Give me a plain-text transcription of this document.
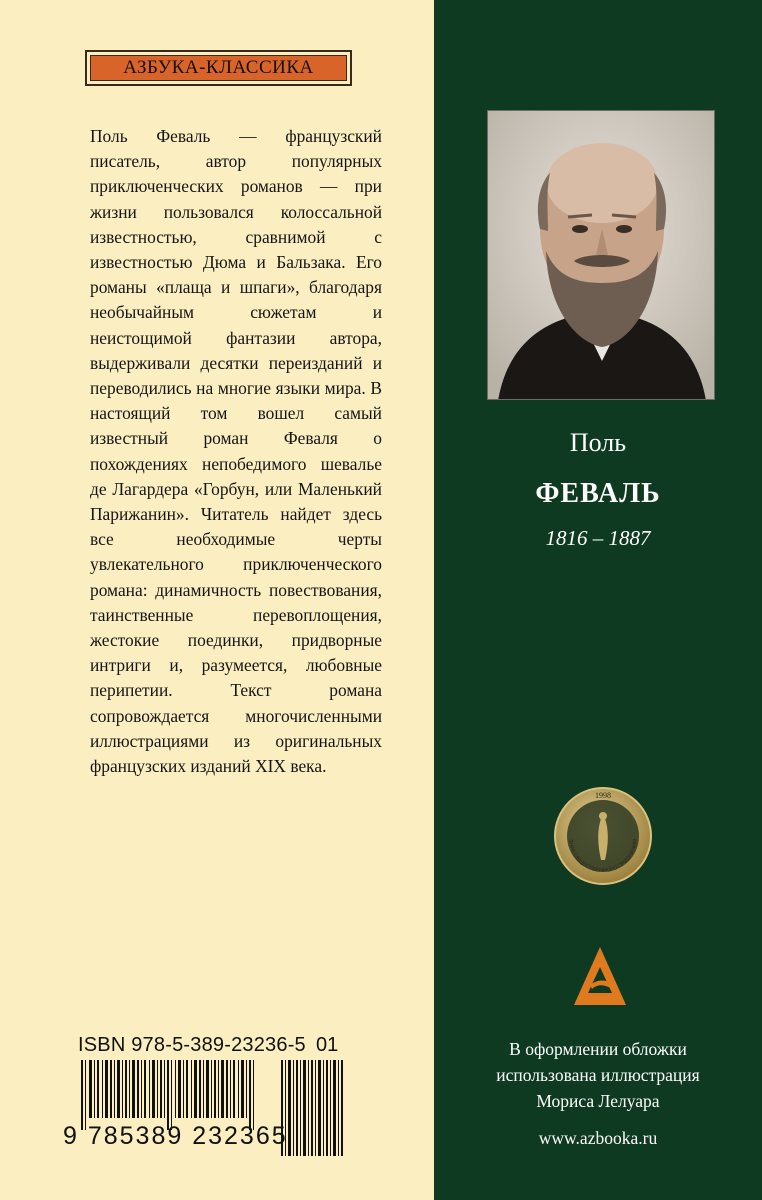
АЗБУКА-КЛАССИКА

Поль Феваль — французский писатель, автор популярных приключенческих романов — при жизни пользовался колоссальной известностью, сравнимой с известностью Дюма и Бальзака. Его романы «плаща и шпаги», благодаря необычайным сюжетам и неистощимой фантазии автора, выдерживали десятки переизданий и переводились на многие языки мира. В настоящий том вошел самый известный роман Феваля о похождениях непобедимого шевалье де Лагардера «Горбун, или Маленький Парижанин». Читатель найдет здесь все необходимые черты увлекательного приключенческого романа: динамичность повествования, таинственные перевоплощения, жестокие поединки, придворные интриги и, разумеется, любовные перипетии. Текст романа сопровождается многочисленными иллюстрациями из оригинальных французских изданий XIX века.

ISBN 978-5-389-23236-5 01
9 785389 232365
Поль
ФЕВАЛЬ
1816 – 1887
1998
ЗНАК ОБЩЕСТВЕННОГО ПРИЗНАНИЯ
В оформлении обложки
использована иллюстрация
Мориса Лелуара
www.azbooka.ru
